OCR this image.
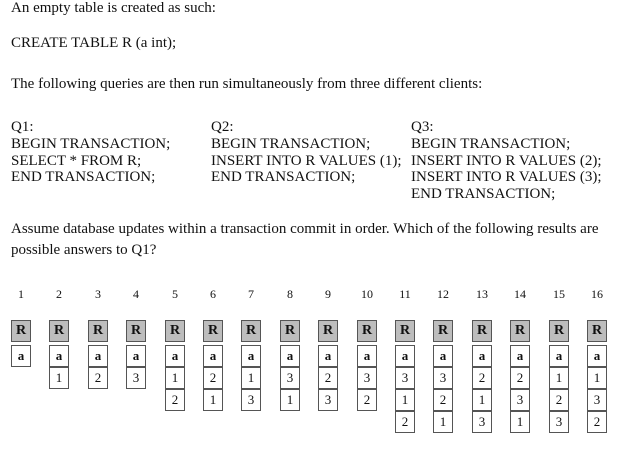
An empty table is created as such:
CREATE TABLE R (a int);
The following queries are then run simultaneously from three different clients:
Q1:
BEGIN TRANSACTION;
SELECT * FROM R;
END TRANSACTION;
Q2:
BEGIN TRANSACTION;
INSERT INTO R VALUES (1);
END TRANSACTION;
Q3:
BEGIN TRANSACTION;
INSERT INTO R VALUES (2);
INSERT INTO R VALUES (3);
END TRANSACTION;
Assume database updates within a transaction commit in order. Which of the following results are
possible answers to Q1?
1
R
a
2
R
a
1
3
R
a
2
4
R
a
3
5
R
a
1
2
6
R
a
2
1
7
R
a
1
3
8
R
a
3
1
9
R
a
2
3
10
R
a
3
2
11
R
a
3
1
2
12
R
a
3
2
1
13
R
a
2
1
3
14
R
a
2
3
1
15
R
a
1
2
3
16
R
a
1
3
2
